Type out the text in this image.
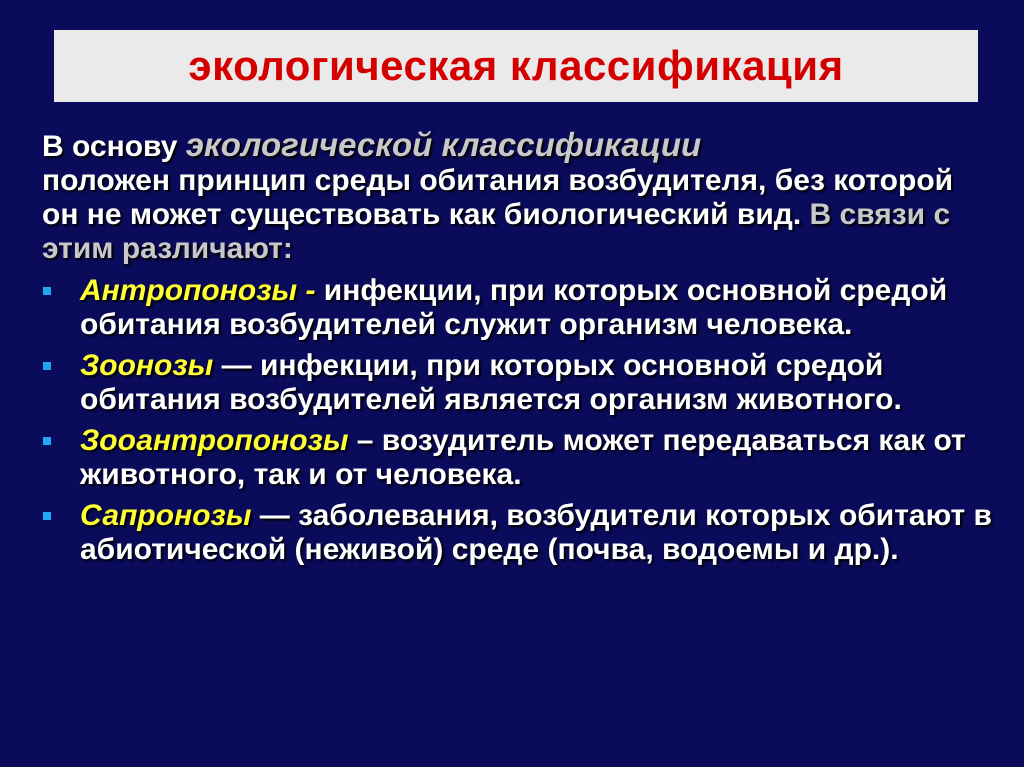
экологическая классификация

В основу экологической классификации
положен принцип среды обитания возбудителя, без которой он не может существовать как биологический вид. В связи с этим различают:

Антропонозы - инфекции, при которых основной средой обитания возбудителей служит организм человека.
Зоонозы — инфекции, при которых основной средой обитания возбудителей является организм животного.
Зооантропонозы – возудитель может передаваться как от животного, так и от человека.
Сапронозы — заболевания, возбудители которых обитают в абиотической (неживой) среде (почва, водоемы и др.).
